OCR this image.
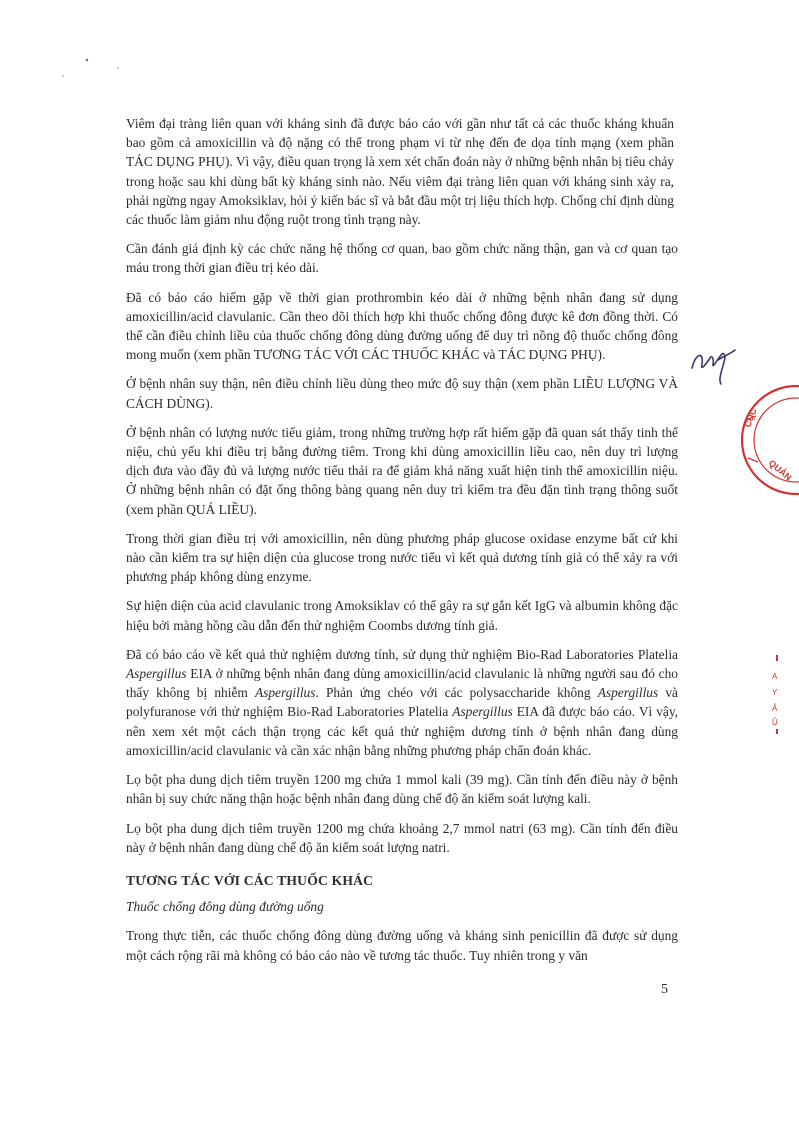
Viêm đại tràng liên quan với kháng sinh đã được báo cáo với gần như tất cả các thuốc kháng khuẩn bao gồm cả amoxicillin và độ nặng có thể trong phạm vi từ nhẹ đến đe dọa tính mạng (xem phần TÁC DỤNG PHỤ). Vì vậy, điều quan trọng là xem xét chẩn đoán này ở những bệnh nhân bị tiêu chảy trong hoặc sau khi dùng bất kỳ kháng sinh nào. Nếu viêm đại tràng liên quan với kháng sinh xảy ra, phải ngừng ngay Amoksiklav, hỏi ý kiến bác sĩ và bắt đầu một trị liệu thích hợp. Chống chỉ định dùng các thuốc làm giảm nhu động ruột trong tình trạng này.

Cần đánh giá định kỳ các chức năng hệ thống cơ quan, bao gồm chức năng thận, gan và cơ quan tạo máu trong thời gian điều trị kéo dài.

Đã có báo cáo hiếm gặp về thời gian prothrombin kéo dài ở những bệnh nhân đang sử dụng amoxicillin/acid clavulanic. Cần theo dõi thích hợp khi thuốc chống đông được kê đơn đồng thời. Có thể cần điều chỉnh liều của thuốc chống đông dùng đường uống để duy trì nồng độ thuốc chống đông mong muốn (xem phần TƯƠNG TÁC VỚI CÁC THUỐC KHÁC và TÁC DỤNG PHỤ).

Ở bệnh nhân suy thận, nên điều chỉnh liều dùng theo mức độ suy thận (xem phần LIỀU LƯỢNG VÀ CÁCH DÙNG).

Ở bệnh nhân có lượng nước tiểu giảm, trong những trường hợp rất hiếm gặp đã quan sát thấy tinh thể niệu, chủ yếu khi điều trị bằng đường tiêm. Trong khi dùng amoxicillin liều cao, nên duy trì lượng dịch đưa vào đầy đủ và lượng nước tiểu thải ra để giảm khả năng xuất hiện tinh thể amoxicillin niệu. Ở những bệnh nhân có đặt ống thông bàng quang nên duy trì kiểm tra đều đặn tình trạng thông suốt (xem phần QUÁ LIỀU).

Trong thời gian điều trị với amoxicillin, nên dùng phương pháp glucose oxidase enzyme bất cứ khi nào cần kiểm tra sự hiện diện của glucose trong nước tiểu vì kết quả dương tính giả có thể xảy ra với phương pháp không dùng enzyme.

Sự hiện diện của acid clavulanic trong Amoksiklav có thể gây ra sự gắn kết IgG và albumin không đặc hiệu bởi màng hồng cầu dẫn đến thử nghiệm Coombs dương tính giả.

Đã có báo cáo về kết quả thử nghiệm dương tính, sử dụng thử nghiệm Bio-Rad Laboratories Platelia Aspergillus EIA ở những bệnh nhân đang dùng amoxicillin/acid clavulanic là những người sau đó cho thấy không bị nhiễm Aspergillus. Phản ứng chéo với các polysaccharide không Aspergillus và polyfuranose với thử nghiệm Bio-Rad Laboratories Platelia Aspergillus EIA đã được báo cáo. Vì vậy, nên xem xét một cách thận trọng các kết quả thử nghiệm dương tính ở bệnh nhân đang dùng amoxicillin/acid clavulanic và cần xác nhận bằng những phương pháp chẩn đoán khác.

Lọ bột pha dung dịch tiêm truyền 1200 mg chứa 1 mmol kali (39 mg). Cần tính đến điều này ở bệnh nhân bị suy chức năng thận hoặc bệnh nhân đang dùng chế độ ăn kiểm soát lượng kali.

Lọ bột pha dung dịch tiêm truyền 1200 mg chứa khoảng 2,7 mmol natri (63 mg). Cần tính đến điều này ở bệnh nhân đang dùng chế độ ăn kiểm soát lượng natri.

TƯƠNG TÁC VỚI CÁC THUỐC KHÁC
Thuốc chống đông dùng đường uống

Trong thực tiễn, các thuốc chống đông dùng đường uống và kháng sinh penicillin đã được sử dụng một cách rộng rãi mà không có báo cáo nào về tương tác thuốc. Tuy nhiên trong y văn

5
CỤC
QUẢN
A
Y
Ả
Ũ
